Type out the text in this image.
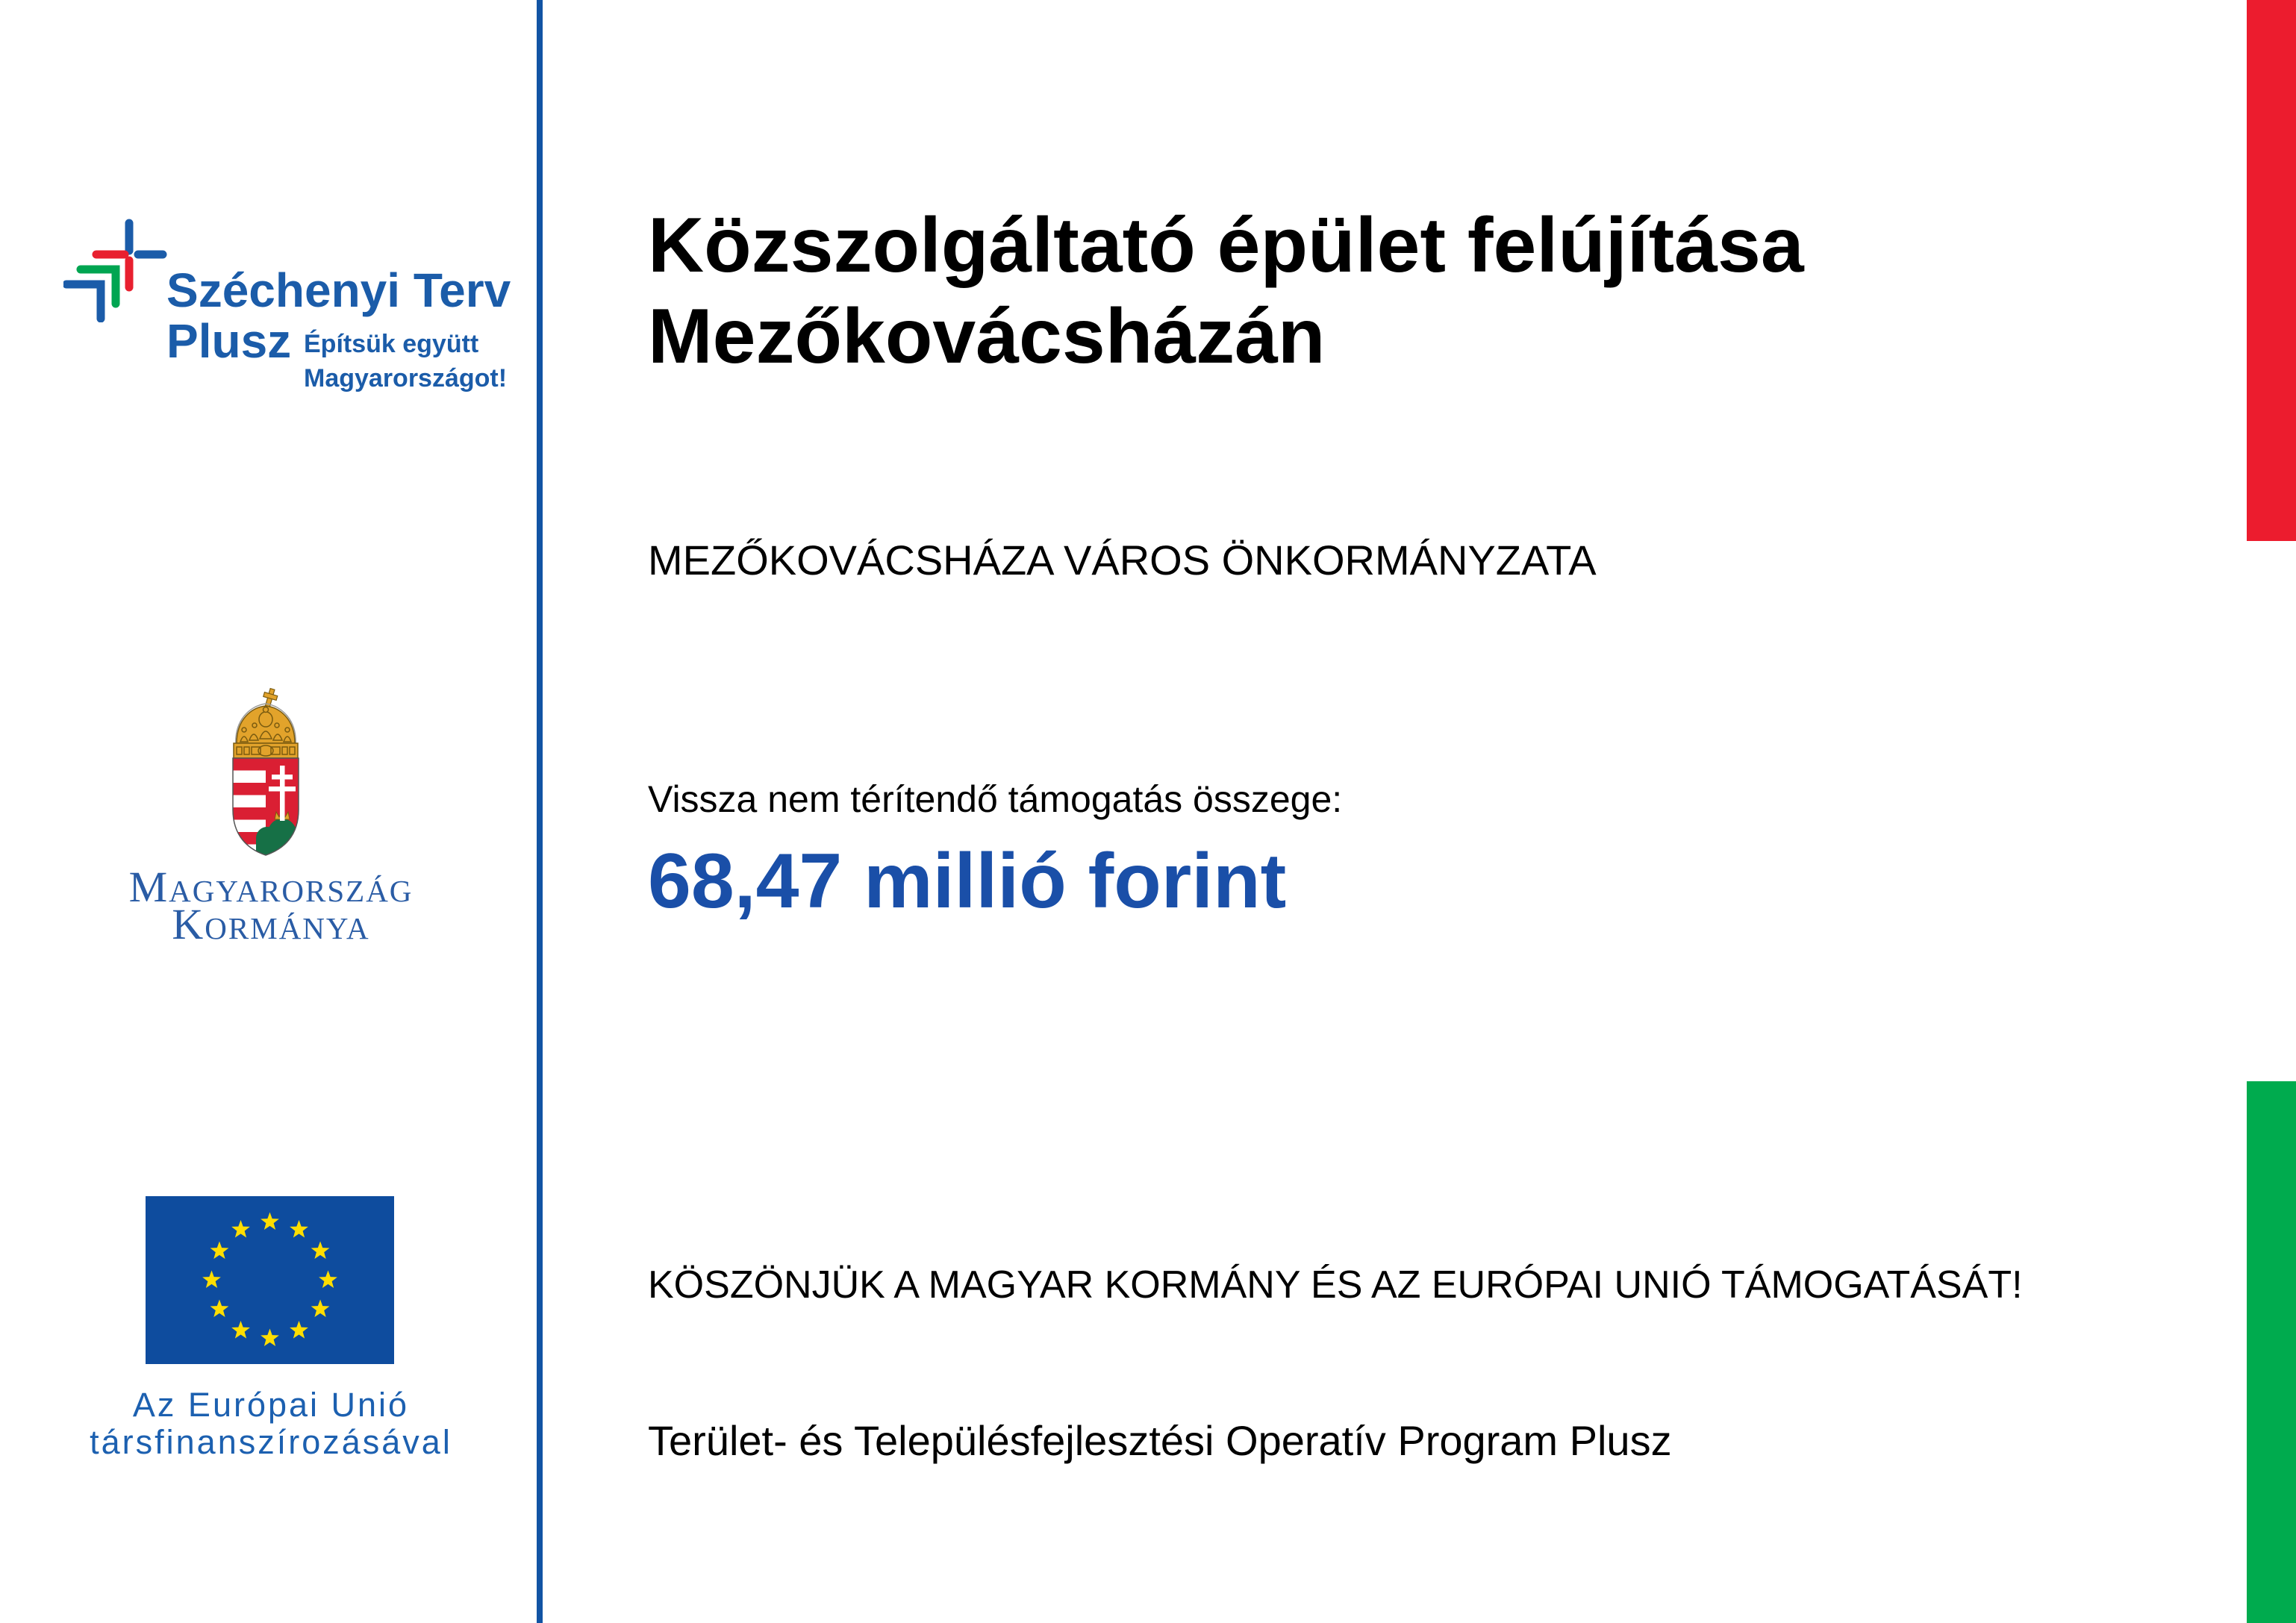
Széchenyi Terv
Plusz Építsük együtt
Magyarországot!
Magyarország
Kormánya
Az Európai Unió
társfinanszírozásával
Közszolgáltató épület felújítása
Mezőkovácsházán
MEZŐKOVÁCSHÁZA VÁROS ÖNKORMÁNYZATA
Vissza nem térítendő támogatás összege:
68,47 millió forint
KÖSZÖNJÜK A MAGYAR KORMÁNY ÉS AZ EURÓPAI UNIÓ TÁMOGATÁSÁT!
Terület- és Településfejlesztési Operatív Program Plusz
